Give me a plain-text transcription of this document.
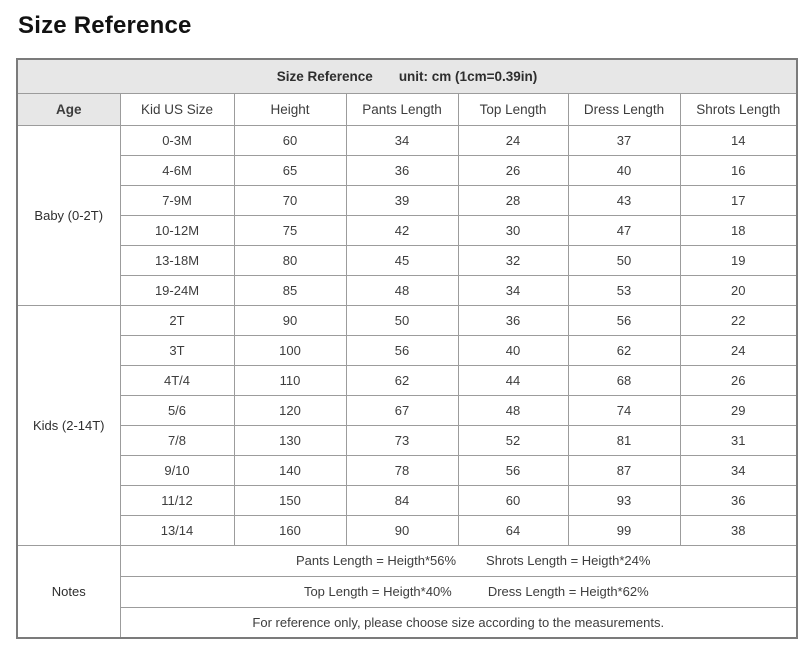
Size Reference
Size Reference unit: cm (1cm=0.39in)						
Age	Kid US Size	Height	Pants Length	Top Length	Dress Length	Shrots Length
Baby (0-2T)	0-3M	60	34	24	37	14
	4-6M	65	36	26	40	16
	7-9M	70	39	28	43	17
	10-12M	75	42	30	47	18
	13-18M	80	45	32	50	19
	19-24M	85	48	34	53	20
Kids (2-14T)	2T	90	50	36	56	22
	3T	100	56	40	62	24
	4T/4	110	62	44	68	26
	5/6	120	67	48	74	29
	7/8	130	73	52	81	31
	9/10	140	78	56	87	34
	11/12	150	84	60	93	36
	13/14	160	90	64	99	38
Notes	Pants Length = Heigth*56% Shrots Length = Heigth*24%					
	Top Length = Heigth*40% Dress Length = Heigth*62%					
	For reference only, please choose size according to the measurements.					
